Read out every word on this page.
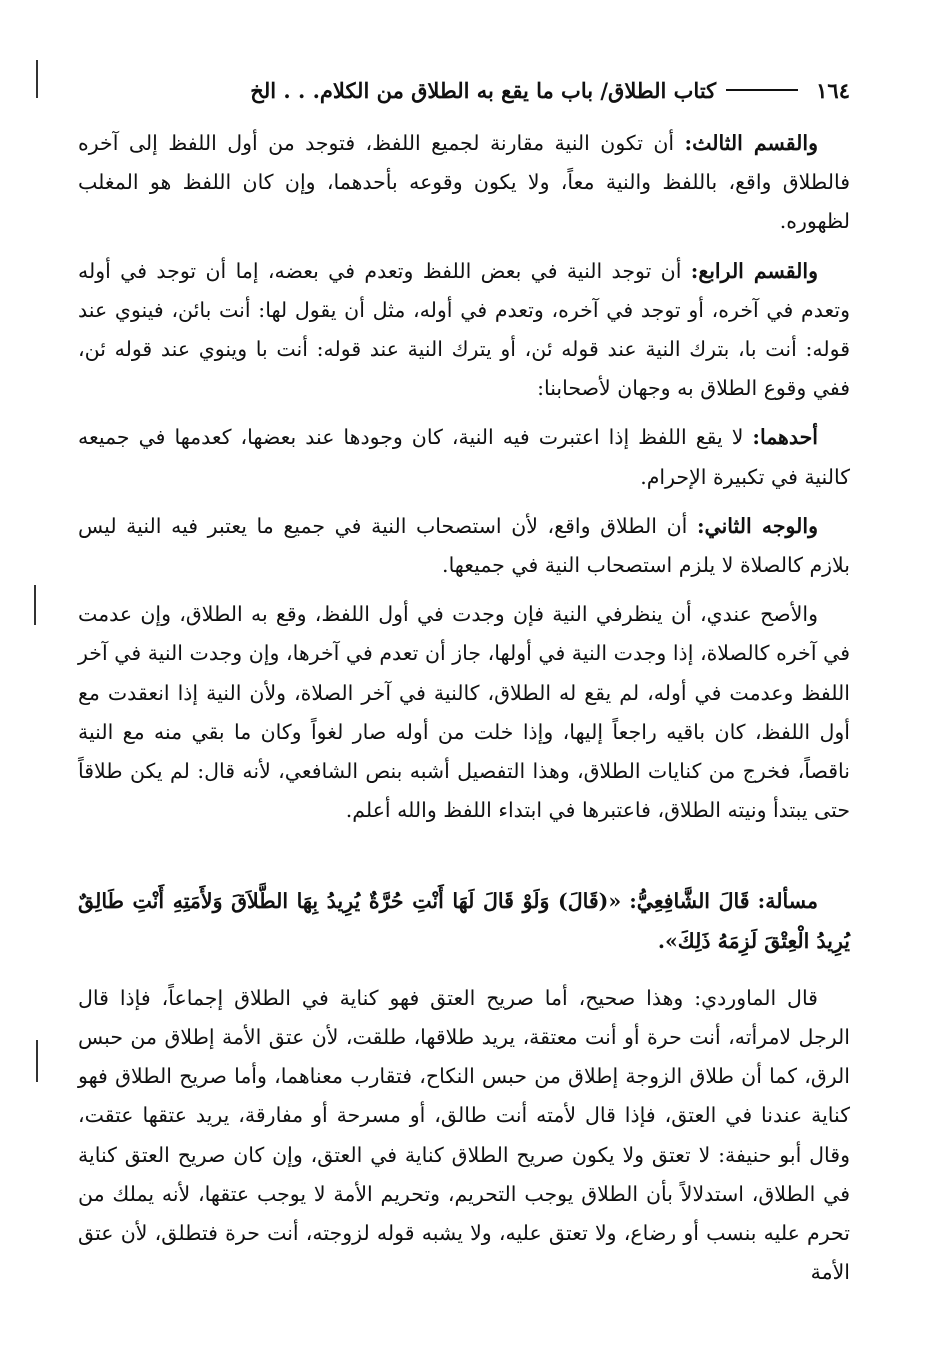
١٦٤
كتاب الطلاق/ باب ما يقع به الطلاق من الكلام. . . الخ

والقسم الثالث: أن تكون النية مقارنة لجميع اللفظ، فتوجد من أول اللفظ إلى آخره فالطلاق واقع، باللفظ والنية معاً، ولا يكون وقوعه بأحدهما، وإن كان اللفظ هو المغلب لظهوره.

والقسم الرابع: أن توجد النية في بعض اللفظ وتعدم في بعضه، إما أن توجد في أوله وتعدم في آخره، أو توجد في آخره، وتعدم في أوله، مثل أن يقول لها: أنت بائن، فينوي عند قوله: أنت با، بترك النية عند قوله ئن، أو يترك النية عند قوله: أنت با وينوي عند قوله ئن، ففي وقوع الطلاق به وجهان لأصحابنا:

أحدهما: لا يقع اللفظ إذا اعتبرت فيه النية، كان وجودها عند بعضها، كعدمها في جميعه كالنية في تكبيرة الإحرام.

والوجه الثاني: أن الطلاق واقع، لأن استصحاب النية في جميع ما يعتبر فيه النية ليس بلازم كالصلاة لا يلزم استصحاب النية في جميعها.

والأصح عندي، أن ينظرفي النية فإن وجدت في أول اللفظ، وقع به الطلاق، وإن عدمت في آخره كالصلاة، إذا وجدت النية في أولها، جاز أن تعدم في آخرها، وإن وجدت النية في آخر اللفظ وعدمت في أوله، لم يقع له الطلاق، كالنية في آخر الصلاة، ولأن النية إذا انعقدت مع أول اللفظ، كان باقيه راجعاً إليها، وإذا خلت من أوله صار لغواً وكان ما بقي منه مع النية ناقصاً، فخرج من كنايات الطلاق، وهذا التفصيل أشبه بنص الشافعي، لأنه قال: لم يكن طلاقاً حتى يبتدأ ونيته الطلاق، فاعتبرها في ابتداء اللفظ والله أعلم.

مسألة: قَالَ الشَّافِعِيُّ: «(قَالَ) وَلَوْ قَالَ لَهَا أَنْتِ حُرَّةٌ يُرِيدُ بِهَا الطَّلاَقَ وَلأَمَتِهِ أَنْتِ طَالِقٌ يُرِيدُ الْعِتْقَ لَزِمَهُ ذَلِكَ».

قال الماوردي: وهذا صحيح، أما صريح العتق فهو كناية في الطلاق إجماعاً، فإذا قال الرجل لامرأته، أنت حرة أو أنت معتقة، يريد طلاقها، طلقت، لأن عتق الأمة إطلاق من حبس الرق، كما أن طلاق الزوجة إطلاق من حبس النكاح، فتقارب معناهما، وأما صريح الطلاق فهو كناية عندنا في العتق، فإذا قال لأمته أنت طالق، أو مسرحة أو مفارقة، يريد عتقها عتقت، وقال أبو حنيفة: لا تعتق ولا يكون صريح الطلاق كناية في العتق، وإن كان صريح العتق كناية في الطلاق، استدلالاً بأن الطلاق يوجب التحريم، وتحريم الأمة لا يوجب عتقها، لأنه يملك من تحرم عليه بنسب أو رضاع، ولا تعتق عليه، ولا يشبه قوله لزوجته، أنت حرة فتطلق، لأن عتق الأمة
